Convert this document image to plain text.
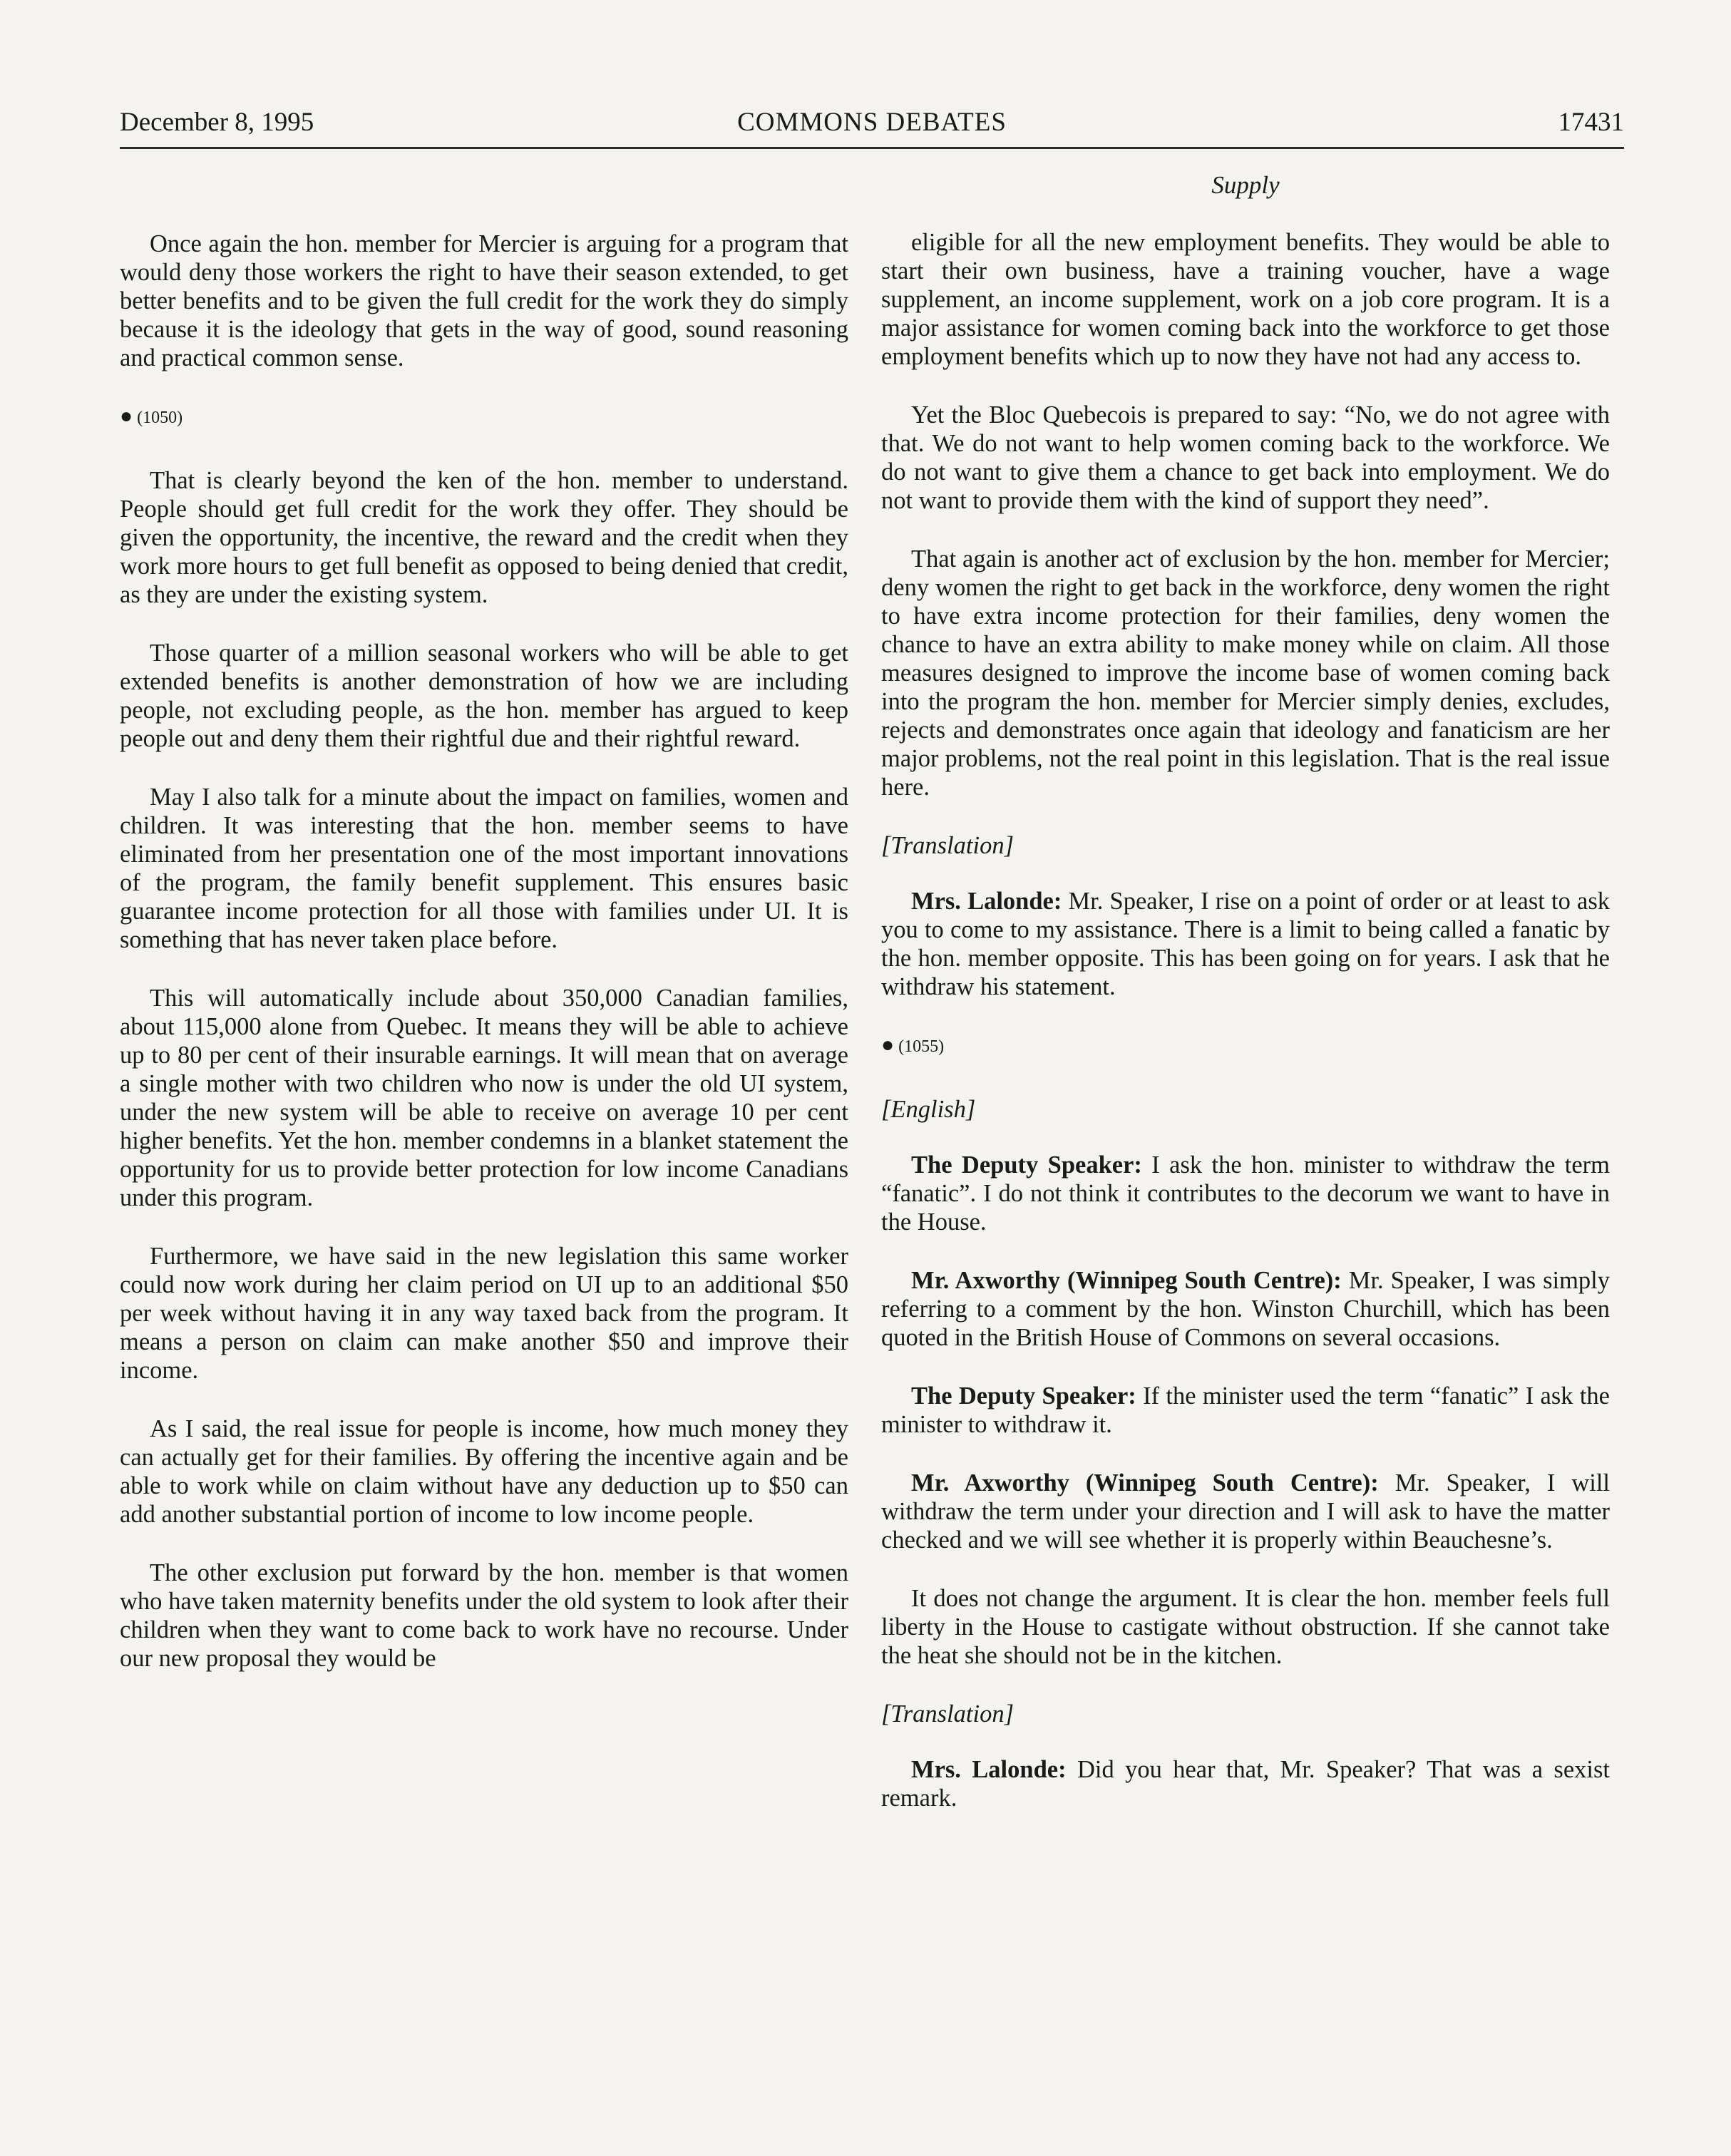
December 8, 1995	COMMONS DEBATES	17431

Once again the hon. member for Mercier is arguing for a program that would deny those workers the right to have their season extended, to get better benefits and to be given the full credit for the work they do simply because it is the ideology that gets in the way of good, sound reasoning and practical common sense.

● (1050)

That is clearly beyond the ken of the hon. member to understand. People should get full credit for the work they offer. They should be given the opportunity, the incentive, the reward and the credit when they work more hours to get full benefit as opposed to being denied that credit, as they are under the existing system.

Those quarter of a million seasonal workers who will be able to get extended benefits is another demonstration of how we are including people, not excluding people, as the hon. member has argued to keep people out and deny them their rightful due and their rightful reward.

May I also talk for a minute about the impact on families, women and children. It was interesting that the hon. member seems to have eliminated from her presentation one of the most important innovations of the program, the family benefit supplement. This ensures basic guarantee income protection for all those with families under UI. It is something that has never taken place before.

This will automatically include about 350,000 Canadian families, about 115,000 alone from Quebec. It means they will be able to achieve up to 80 per cent of their insurable earnings. It will mean that on average a single mother with two children who now is under the old UI system, under the new system will be able to receive on average 10 per cent higher benefits. Yet the hon. member condemns in a blanket statement the opportunity for us to provide better protection for low income Canadians under this program.

Furthermore, we have said in the new legislation this same worker could now work during her claim period on UI up to an additional $50 per week without having it in any way taxed back from the program. It means a person on claim can make another $50 and improve their income.

As I said, the real issue for people is income, how much money they can actually get for their families. By offering the incentive again and be able to work while on claim without have any deduction up to $50 can add another substantial portion of income to low income people.

The other exclusion put forward by the hon. member is that women who have taken maternity benefits under the old system to look after their children when they want to come back to work have no recourse. Under our new proposal they would be

Supply

eligible for all the new employment benefits. They would be able to start their own business, have a training voucher, have a wage supplement, an income supplement, work on a job core program. It is a major assistance for women coming back into the workforce to get those employment benefits which up to now they have not had any access to.

Yet the Bloc Quebecois is prepared to say: “No, we do not agree with that. We do not want to help women coming back to the workforce. We do not want to give them a chance to get back into employment. We do not want to provide them with the kind of support they need”.

That again is another act of exclusion by the hon. member for Mercier; deny women the right to get back in the workforce, deny women the right to have extra income protection for their families, deny women the chance to have an extra ability to make money while on claim. All those measures designed to improve the income base of women coming back into the program the hon. member for Mercier simply denies, excludes, rejects and demonstrates once again that ideology and fanaticism are her major problems, not the real point in this legislation. That is the real issue here.

[Translation]

Mrs. Lalonde: Mr. Speaker, I rise on a point of order or at least to ask you to come to my assistance. There is a limit to being called a fanatic by the hon. member opposite. This has been going on for years. I ask that he withdraw his statement.

● (1055)
[English]

The Deputy Speaker: I ask the hon. minister to withdraw the term “fanatic”. I do not think it contributes to the decorum we want to have in the House.

Mr. Axworthy (Winnipeg South Centre): Mr. Speaker, I was simply referring to a comment by the hon. Winston Churchill, which has been quoted in the British House of Commons on several occasions.

The Deputy Speaker: If the minister used the term “fanatic” I ask the minister to withdraw it.

Mr. Axworthy (Winnipeg South Centre): Mr. Speaker, I will withdraw the term under your direction and I will ask to have the matter checked and we will see whether it is properly within Beauchesne’s.

It does not change the argument. It is clear the hon. member feels full liberty in the House to castigate without obstruction. If she cannot take the heat she should not be in the kitchen.

[Translation]

Mrs. Lalonde: Did you hear that, Mr. Speaker? That was a sexist remark.
